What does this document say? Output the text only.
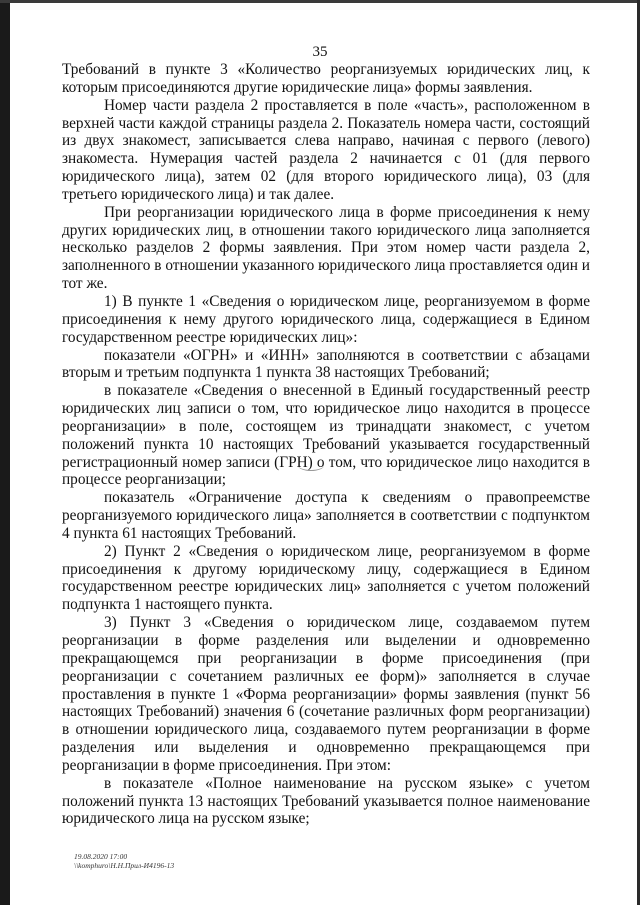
35

Требований в пункте 3 «Количество реорганизуемых юридических лиц, к которым присоединяются другие юридические лица» формы заявления.

Номер части раздела 2 проставляется в поле «часть», расположенном в верхней части каждой страницы раздела 2. Показатель номера части, состоящий из двух знакомест, записывается слева направо, начиная с первого (левого) знакоместа. Нумерация частей раздела 2 начинается с 01 (для первого юридического лица), затем 02 (для второго юридического лица), 03 (для третьего юридического лица) и так далее.

При реорганизации юридического лица в форме присоединения к нему других юридических лиц, в отношении такого юридического лица заполняется несколько разделов 2 формы заявления. При этом номер части раздела 2, заполненного в отношении указанного юридического лица проставляется один и тот же.

1) В пункте 1 «Сведения о юридическом лице, реорганизуемом в форме присоединения к нему другого юридического лица, содержащиеся в Едином государственном реестре юридических лиц»:

показатели «ОГРН» и «ИНН» заполняются в соответствии с абзацами вторым и третьим подпункта 1 пункта 38 настоящих Требований;

в показателе «Сведения о внесенной в Единый государственный реестр юридических лиц записи о том, что юридическое лицо находится в процессе реорганизации» в поле, состоящем из тринадцати знакомест, с учетом положений пункта 10 настоящих Требований указывается государственный регистрационный номер записи (ГРН) о том, что юридическое лицо находится в процессе реорганизации;

показатель «Ограничение доступа к сведениям о правопреемстве реорганизуемого юридического лица» заполняется в соответствии с подпунктом 4 пункта 61 настоящих Требований.

2) Пункт 2 «Сведения о юридическом лице, реорганизуемом в форме присоединения к другому юридическому лицу, содержащиеся в Едином государственном реестре юридических лиц» заполняется с учетом положений подпункта 1 настоящего пункта.

3) Пункт 3 «Сведения о юридическом лице, создаваемом путем реорганизации в форме разделения или выделении и одновременно прекращающемся при реорганизации в форме присоединения (при реорганизации с сочетанием различных ее форм)» заполняется в случае проставления в пункте 1 «Форма реорганизации» формы заявления (пункт 56 настоящих Требований) значения 6 (сочетание различных форм реорганизации) в отношении юридического лица, создаваемого путем реорганизации в форме разделения или выделения и одновременно прекращающемся при реорганизации в форме присоединения. При этом:

в показателе «Полное наименование на русском языке» с учетом положений пункта 13 настоящих Требований указывается полное наименование юридического лица на русском языке;

19.08.2020 17:00
\\komphuro\Н.Н.Прил-И4196-13
